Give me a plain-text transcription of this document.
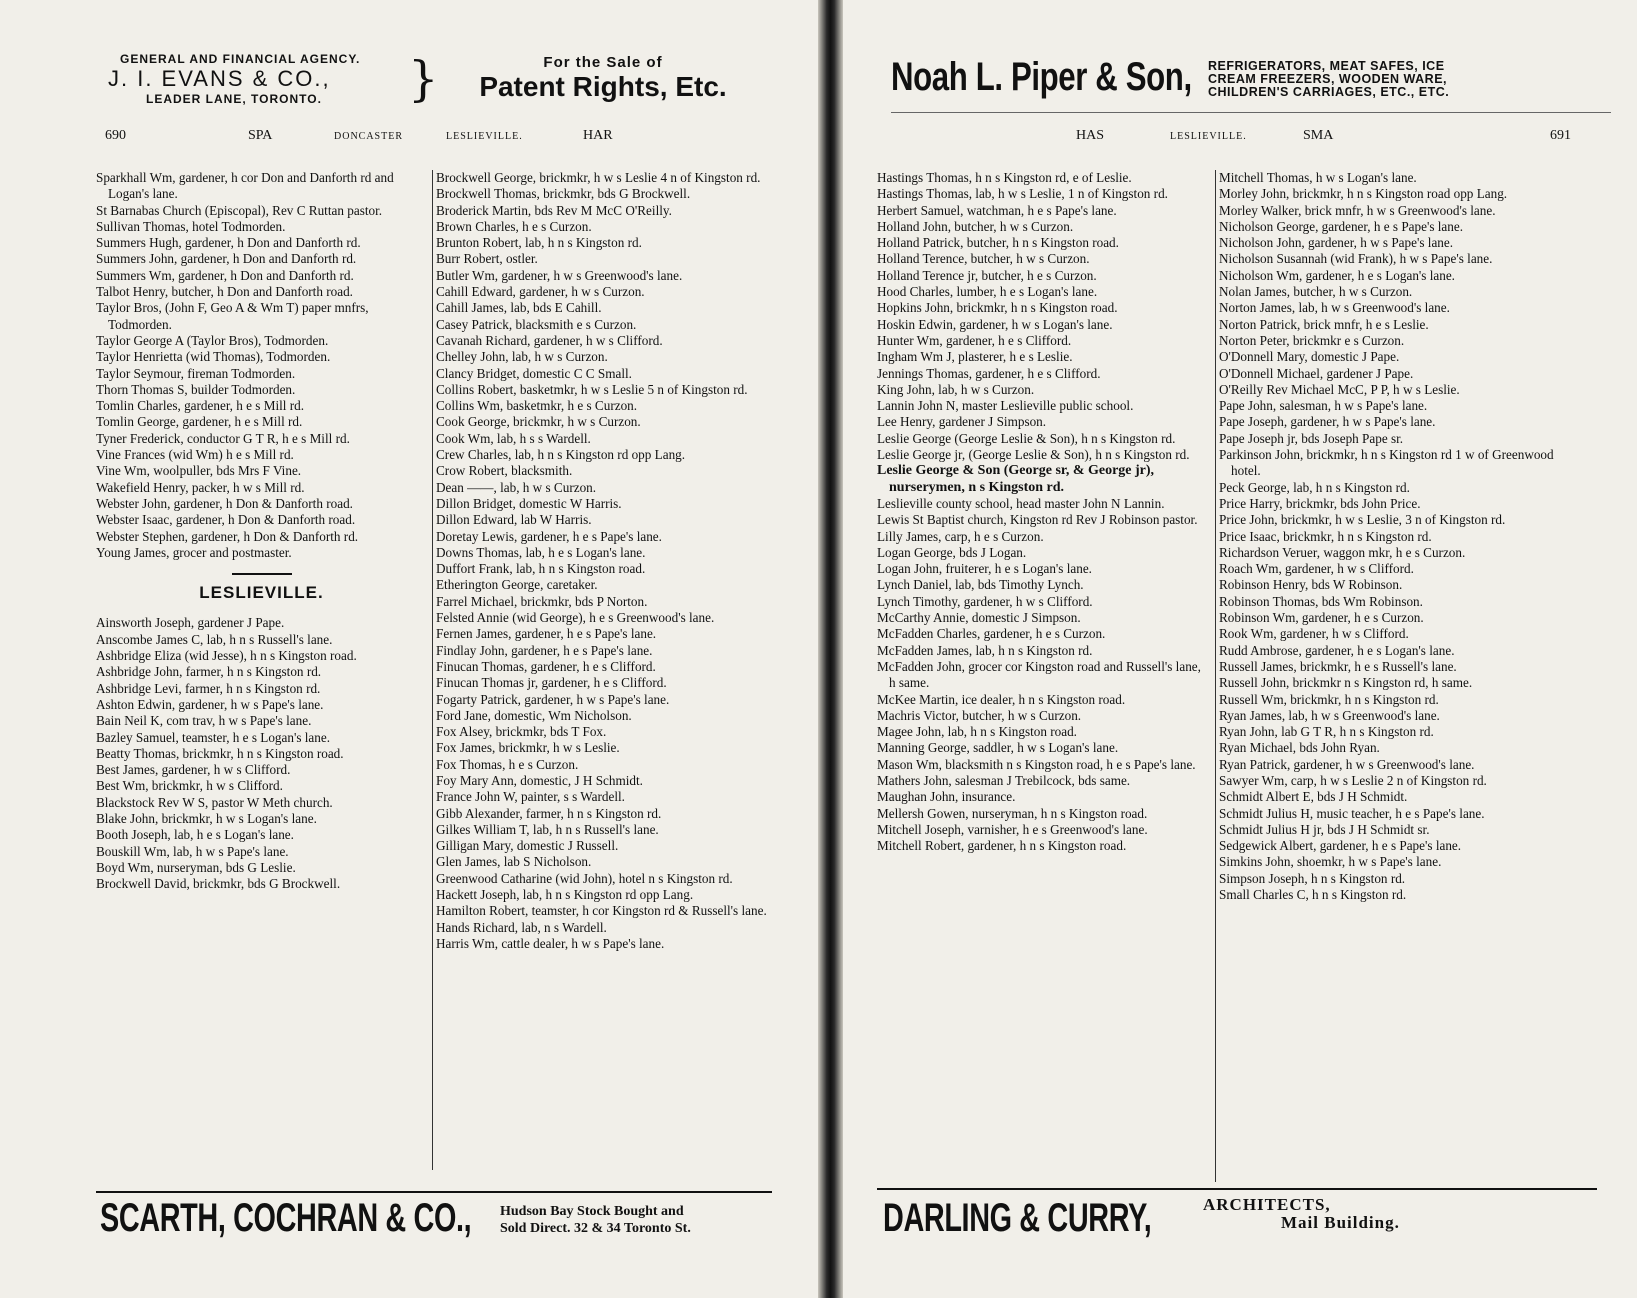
GENERAL AND FINANCIAL AGENCY.
J. I. EVANS & CO.,
LEADER LANE, TORONTO.	}	For the Sale of
Patent Rights, Etc.
690	SPA	DONCASTER	LESLIEVILLE.	HAR
Sparkhall Wm, gardener, h cor Don and Danforth rd and Logan's lane.
St Barnabas Church (Episcopal), Rev C Ruttan pastor.
Sullivan Thomas, hotel Todmorden.
Summers Hugh, gardener, h Don and Danforth rd.
Summers John, gardener, h Don and Danforth rd.
Summers Wm, gardener, h Don and Danforth rd.
Talbot Henry, butcher, h Don and Danforth road.
Taylor Bros, (John F, Geo A & Wm T) paper mnfrs, Todmorden.
Taylor George A (Taylor Bros), Todmorden.
Taylor Henrietta (wid Thomas), Todmorden.
Taylor Seymour, fireman Todmorden.
Thorn Thomas S, builder Todmorden.
Tomlin Charles, gardener, h e s Mill rd.
Tomlin George, gardener, h e s Mill rd.
Tyner Frederick, conductor G T R, h e s Mill rd.
Vine Frances (wid Wm) h e s Mill rd.
Vine Wm, woolpuller, bds Mrs F Vine.
Wakefield Henry, packer, h w s Mill rd.
Webster John, gardener, h Don & Danforth road.
Webster Isaac, gardener, h Don & Danforth road.
Webster Stephen, gardener, h Don & Danforth rd.
Young James, grocer and postmaster.
LESLIEVILLE.
Ainsworth Joseph, gardener J Pape.
Anscombe James C, lab, h n s Russell's lane.
Ashbridge Eliza (wid Jesse), h n s Kingston road.
Ashbridge John, farmer, h n s Kingston rd.
Ashbridge Levi, farmer, h n s Kingston rd.
Ashton Edwin, gardener, h w s Pape's lane.
Bain Neil K, com trav, h w s Pape's lane.
Bazley Samuel, teamster, h e s Logan's lane.
Beatty Thomas, brickmkr, h n s Kingston road.
Best James, gardener, h w s Clifford.
Best Wm, brickmkr, h w s Clifford.
Blackstock Rev W S, pastor W Meth church.
Blake John, brickmkr, h w s Logan's lane.
Booth Joseph, lab, h e s Logan's lane.
Bouskill Wm, lab, h w s Pape's lane.
Boyd Wm, nurseryman, bds G Leslie.
Brockwell David, brickmkr, bds G Brockwell.
Brockwell George, brickmkr, h w s Leslie 4 n of Kingston rd.
Brockwell Thomas, brickmkr, bds G Brockwell.
Broderick Martin, bds Rev M McC O'Reilly.
Brown Charles, h e s Curzon.
Brunton Robert, lab, h n s Kingston rd.
Burr Robert, ostler.
Butler Wm, gardener, h w s Greenwood's lane.
Cahill Edward, gardener, h w s Curzon.
Cahill James, lab, bds E Cahill.
Casey Patrick, blacksmith e s Curzon.
Cavanah Richard, gardener, h w s Clifford.
Chelley John, lab, h w s Curzon.
Clancy Bridget, domestic C C Small.
Collins Robert, basketmkr, h w s Leslie 5 n of Kingston rd.
Collins Wm, basketmkr, h e s Curzon.
Cook George, brickmkr, h w s Curzon.
Cook Wm, lab, h s s Wardell.
Crew Charles, lab, h n s Kingston rd opp Lang.
Crow Robert, blacksmith.
Dean ——, lab, h w s Curzon.
Dillon Bridget, domestic W Harris.
Dillon Edward, lab W Harris.
Doretay Lewis, gardener, h e s Pape's lane.
Downs Thomas, lab, h e s Logan's lane.
Duffort Frank, lab, h n s Kingston road.
Etherington George, caretaker.
Farrel Michael, brickmkr, bds P Norton.
Felsted Annie (wid George), h e s Greenwood's lane.
Fernen James, gardener, h e s Pape's lane.
Findlay John, gardener, h e s Pape's lane.
Finucan Thomas, gardener, h e s Clifford.
Finucan Thomas jr, gardener, h e s Clifford.
Fogarty Patrick, gardener, h w s Pape's lane.
Ford Jane, domestic, Wm Nicholson.
Fox Alsey, brickmkr, bds T Fox.
Fox James, brickmkr, h w s Leslie.
Fox Thomas, h e s Curzon.
Foy Mary Ann, domestic, J H Schmidt.
France John W, painter, s s Wardell.
Gibb Alexander, farmer, h n s Kingston rd.
Gilkes William T, lab, h n s Russell's lane.
Gilligan Mary, domestic J Russell.
Glen James, lab S Nicholson.
Greenwood Catharine (wid John), hotel n s Kingston rd.
Hackett Joseph, lab, h n s Kingston rd opp Lang.
Hamilton Robert, teamster, h cor Kingston rd & Russell's lane.
Hands Richard, lab, n s Wardell.
Harris Wm, cattle dealer, h w s Pape's lane.
SCARTH, COCHRAN & CO., Hudson Bay Stock Bought and
Sold Direct. 32 & 34 Toronto St.
Noah L. Piper & Son, REFRIGERATORS, MEAT SAFES, ICE
CREAM FREEZERS, WOODEN WARE,
CHILDREN'S CARRIAGES, ETC., ETC.
HAS	LESLIEVILLE.	SMA	691
Hastings Thomas, h n s Kingston rd, e of Leslie.
Hastings Thomas, lab, h w s Leslie, 1 n of Kingston rd.
Herbert Samuel, watchman, h e s Pape's lane.
Holland John, butcher, h w s Curzon.
Holland Patrick, butcher, h n s Kingston road.
Holland Terence, butcher, h w s Curzon.
Holland Terence jr, butcher, h e s Curzon.
Hood Charles, lumber, h e s Logan's lane.
Hopkins John, brickmkr, h n s Kingston road.
Hoskin Edwin, gardener, h w s Logan's lane.
Hunter Wm, gardener, h e s Clifford.
Ingham Wm J, plasterer, h e s Leslie.
Jennings Thomas, gardener, h e s Clifford.
King John, lab, h w s Curzon.
Lannin John N, master Leslieville public school.
Lee Henry, gardener J Simpson.
Leslie George (George Leslie & Son), h n s Kingston rd.
Leslie George jr, (George Leslie & Son), h n s Kingston rd.
Leslie George & Son (George sr, & George jr), nurserymen, n s Kingston rd.
Leslieville county school, head master John N Lannin.
Lewis St Baptist church, Kingston rd Rev J Robinson pastor.
Lilly James, carp, h e s Curzon.
Logan George, bds J Logan.
Logan John, fruiterer, h e s Logan's lane.
Lynch Daniel, lab, bds Timothy Lynch.
Lynch Timothy, gardener, h w s Clifford.
McCarthy Annie, domestic J Simpson.
McFadden Charles, gardener, h e s Curzon.
McFadden James, lab, h n s Kingston rd.
McFadden John, grocer cor Kingston road and Russell's lane, h same.
McKee Martin, ice dealer, h n s Kingston road.
Machris Victor, butcher, h w s Curzon.
Magee John, lab, h n s Kingston road.
Manning George, saddler, h w s Logan's lane.
Mason Wm, blacksmith n s Kingston road, h e s Pape's lane.
Mathers John, salesman J Trebilcock, bds same.
Maughan John, insurance.
Mellersh Gowen, nurseryman, h n s Kingston road.
Mitchell Joseph, varnisher, h e s Greenwood's lane.
Mitchell Robert, gardener, h n s Kingston road.
Mitchell Thomas, h w s Logan's lane.
Morley John, brickmkr, h n s Kingston road opp Lang.
Morley Walker, brick mnfr, h w s Greenwood's lane.
Nicholson George, gardener, h e s Pape's lane.
Nicholson John, gardener, h w s Pape's lane.
Nicholson Susannah (wid Frank), h w s Pape's lane.
Nicholson Wm, gardener, h e s Logan's lane.
Nolan James, butcher, h w s Curzon.
Norton James, lab, h w s Greenwood's lane.
Norton Patrick, brick mnfr, h e s Leslie.
Norton Peter, brickmkr e s Curzon.
O'Donnell Mary, domestic J Pape.
O'Donnell Michael, gardener J Pape.
O'Reilly Rev Michael McC, P P, h w s Leslie.
Pape John, salesman, h w s Pape's lane.
Pape Joseph, gardener, h w s Pape's lane.
Pape Joseph jr, bds Joseph Pape sr.
Parkinson John, brickmkr, h n s Kingston rd 1 w of Greenwood hotel.
Peck George, lab, h n s Kingston rd.
Price Harry, brickmkr, bds John Price.
Price John, brickmkr, h w s Leslie, 3 n of Kingston rd.
Price Isaac, brickmkr, h n s Kingston rd.
Richardson Veruer, waggon mkr, h e s Curzon.
Roach Wm, gardener, h w s Clifford.
Robinson Henry, bds W Robinson.
Robinson Thomas, bds Wm Robinson.
Robinson Wm, gardener, h e s Curzon.
Rook Wm, gardener, h w s Clifford.
Rudd Ambrose, gardener, h e s Logan's lane.
Russell James, brickmkr, h e s Russell's lane.
Russell John, brickmkr n s Kingston rd, h same.
Russell Wm, brickmkr, h n s Kingston rd.
Ryan James, lab, h w s Greenwood's lane.
Ryan John, lab G T R, h n s Kingston rd.
Ryan Michael, bds John Ryan.
Ryan Patrick, gardener, h w s Greenwood's lane.
Sawyer Wm, carp, h w s Leslie 2 n of Kingston rd.
Schmidt Albert E, bds J H Schmidt.
Schmidt Julius H, music teacher, h e s Pape's lane.
Schmidt Julius H jr, bds J H Schmidt sr.
Sedgewick Albert, gardener, h e s Pape's lane.
Simkins John, shoemkr, h w s Pape's lane.
Simpson Joseph, h n s Kingston rd.
Small Charles C, h n s Kingston rd.
DARLING & CURRY,	ARCHITECTS,
Mail Building.
